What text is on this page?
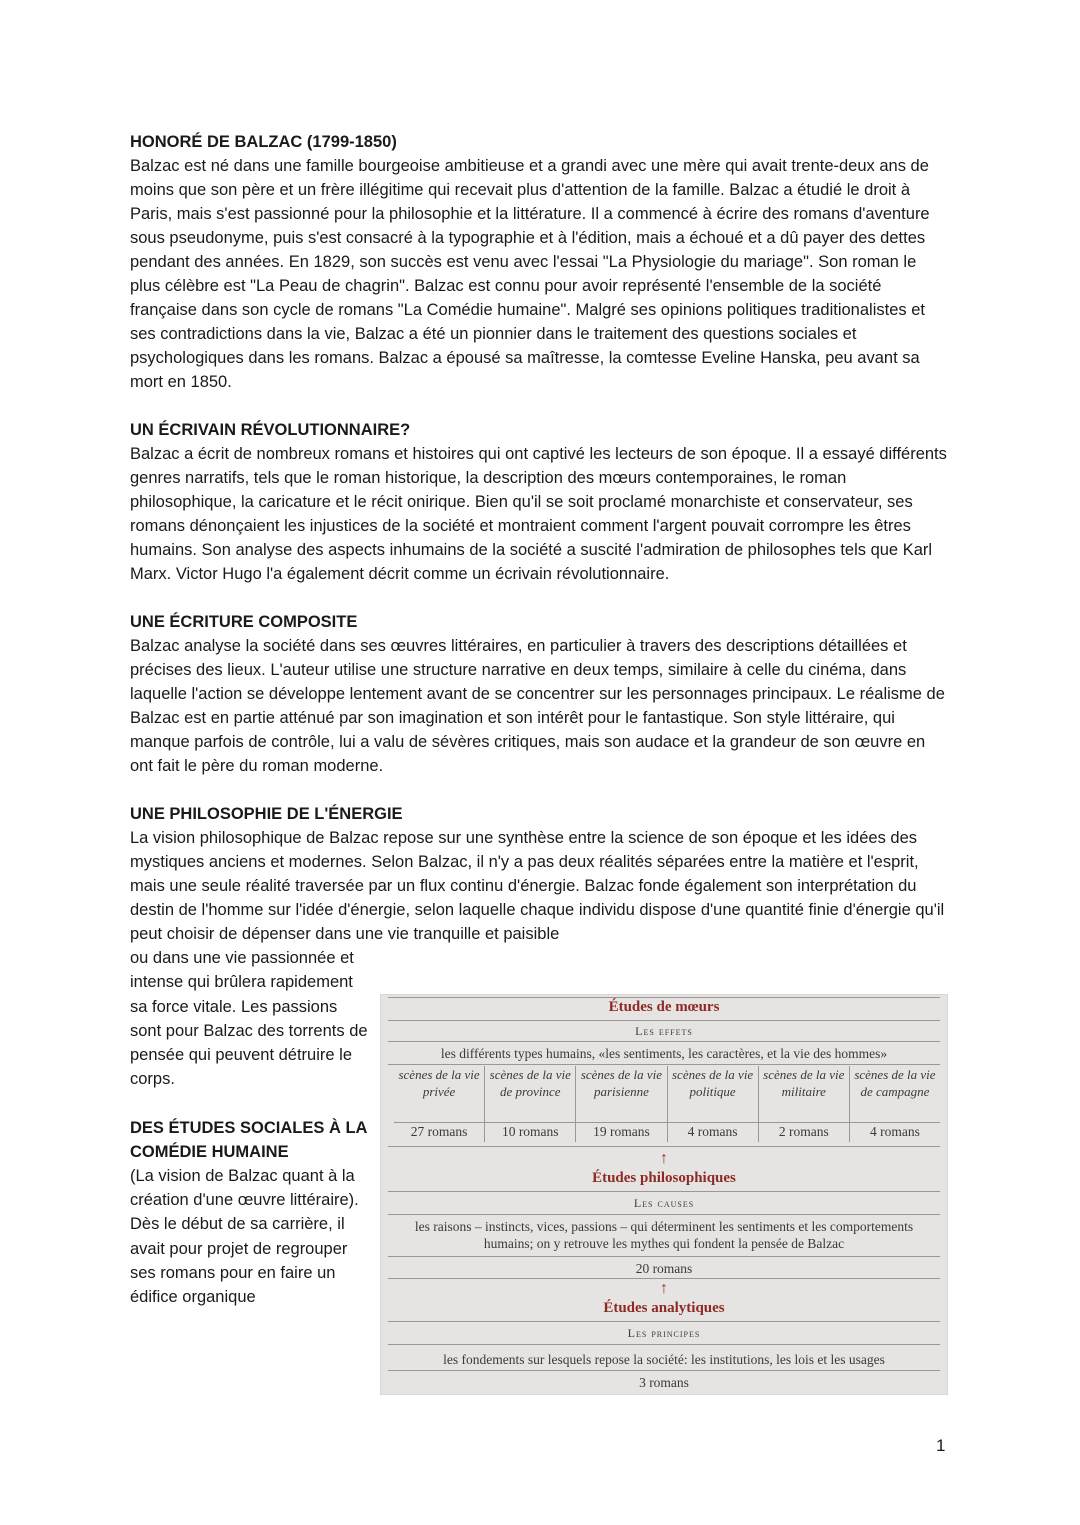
HONORÉ DE BALZAC (1799-1850)

Balzac est né dans une famille bourgeoise ambitieuse et a grandi avec une mère qui avait trente-deux ans de moins que son père et un frère illégitime qui recevait plus d'attention de la famille. Balzac a étudié le droit à Paris, mais s'est passionné pour la philosophie et la littérature. Il a commencé à écrire des romans d'aventure sous pseudonyme, puis s'est consacré à la typographie et à l'édition, mais a échoué et a dû payer des dettes pendant des années. En 1829, son succès est venu avec l'essai "La Physiologie du mariage". Son roman le plus célèbre est "La Peau de chagrin". Balzac est connu pour avoir représenté l'ensemble de la société française dans son cycle de romans "La Comédie humaine". Malgré ses opinions politiques traditionalistes et ses contradictions dans la vie, Balzac a été un pionnier dans le traitement des questions sociales et psychologiques dans les romans. Balzac a épousé sa maîtresse, la comtesse Eveline Hanska, peu avant sa mort en 1850.

UN ÉCRIVAIN RÉVOLUTIONNAIRE?

Balzac a écrit de nombreux romans et histoires qui ont captivé les lecteurs de son époque. Il a essayé différents genres narratifs, tels que le roman historique, la description des mœurs contemporaines, le roman philosophique, la caricature et le récit onirique. Bien qu'il se soit proclamé monarchiste et conservateur, ses romans dénonçaient les injustices de la société et montraient comment l'argent pouvait corrompre les êtres humains. Son analyse des aspects inhumains de la société a suscité l'admiration de philosophes tels que Karl Marx. Victor Hugo l'a également décrit comme un écrivain révolutionnaire.

UNE ÉCRITURE COMPOSITE

Balzac analyse la société dans ses œuvres littéraires, en particulier à travers des descriptions détaillées et précises des lieux. L'auteur utilise une structure narrative en deux temps, similaire à celle du cinéma, dans laquelle l'action se développe lentement avant de se concentrer sur les personnages principaux. Le réalisme de Balzac est en partie atténué par son imagination et son intérêt pour le fantastique. Son style littéraire, qui manque parfois de contrôle, lui a valu de sévères critiques, mais son audace et la grandeur de son œuvre en ont fait le père du roman moderne.

UNE PHILOSOPHIE DE L'ÉNERGIE

La vision philosophique de Balzac repose sur une synthèse entre la science de son époque et les idées des mystiques anciens et modernes. Selon Balzac, il n'y a pas deux réalités séparées entre la matière et l'esprit, mais une seule réalité traversée par un flux continu d'énergie. Balzac fonde également son interprétation du destin de l'homme sur l'idée d'énergie, selon laquelle chaque individu dispose d'une quantité finie d'énergie qu'il peut choisir de dépenser dans une vie tranquille et paisible

ou dans une vie passionnée et intense qui brûlera rapidement sa force vitale. Les passions sont pour Balzac des torrents de pensée qui peuvent détruire le corps.

DES ÉTUDES SOCIALES À LA COMÉDIE HUMAINE

(La vision de Balzac quant à la création d'une œuvre littéraire).

Dès le début de sa carrière, il avait pour projet de regrouper ses romans pour en faire un édifice organique

Études de mœurs
Les effets
les différents types humains, «les sentiments, les caractères, et la vie des hommes»
scènes de la vie privée
27 romans
scènes de la vie de province
10 romans
scènes de la vie parisienne
19 romans
scènes de la vie politique
4 romans
scènes de la vie militaire
2 romans
scènes de la vie de campagne
4 romans
↑
Études philosophiques
Les causes
les raisons – instincts, vices, passions – qui déterminent les sentiments et les comportements humains; on y retrouve les mythes qui fondent la pensée de Balzac
20 romans
↑
Études analytiques
Les principes
les fondements sur lesquels repose la société: les institutions, les lois et les usages
3 romans
1
